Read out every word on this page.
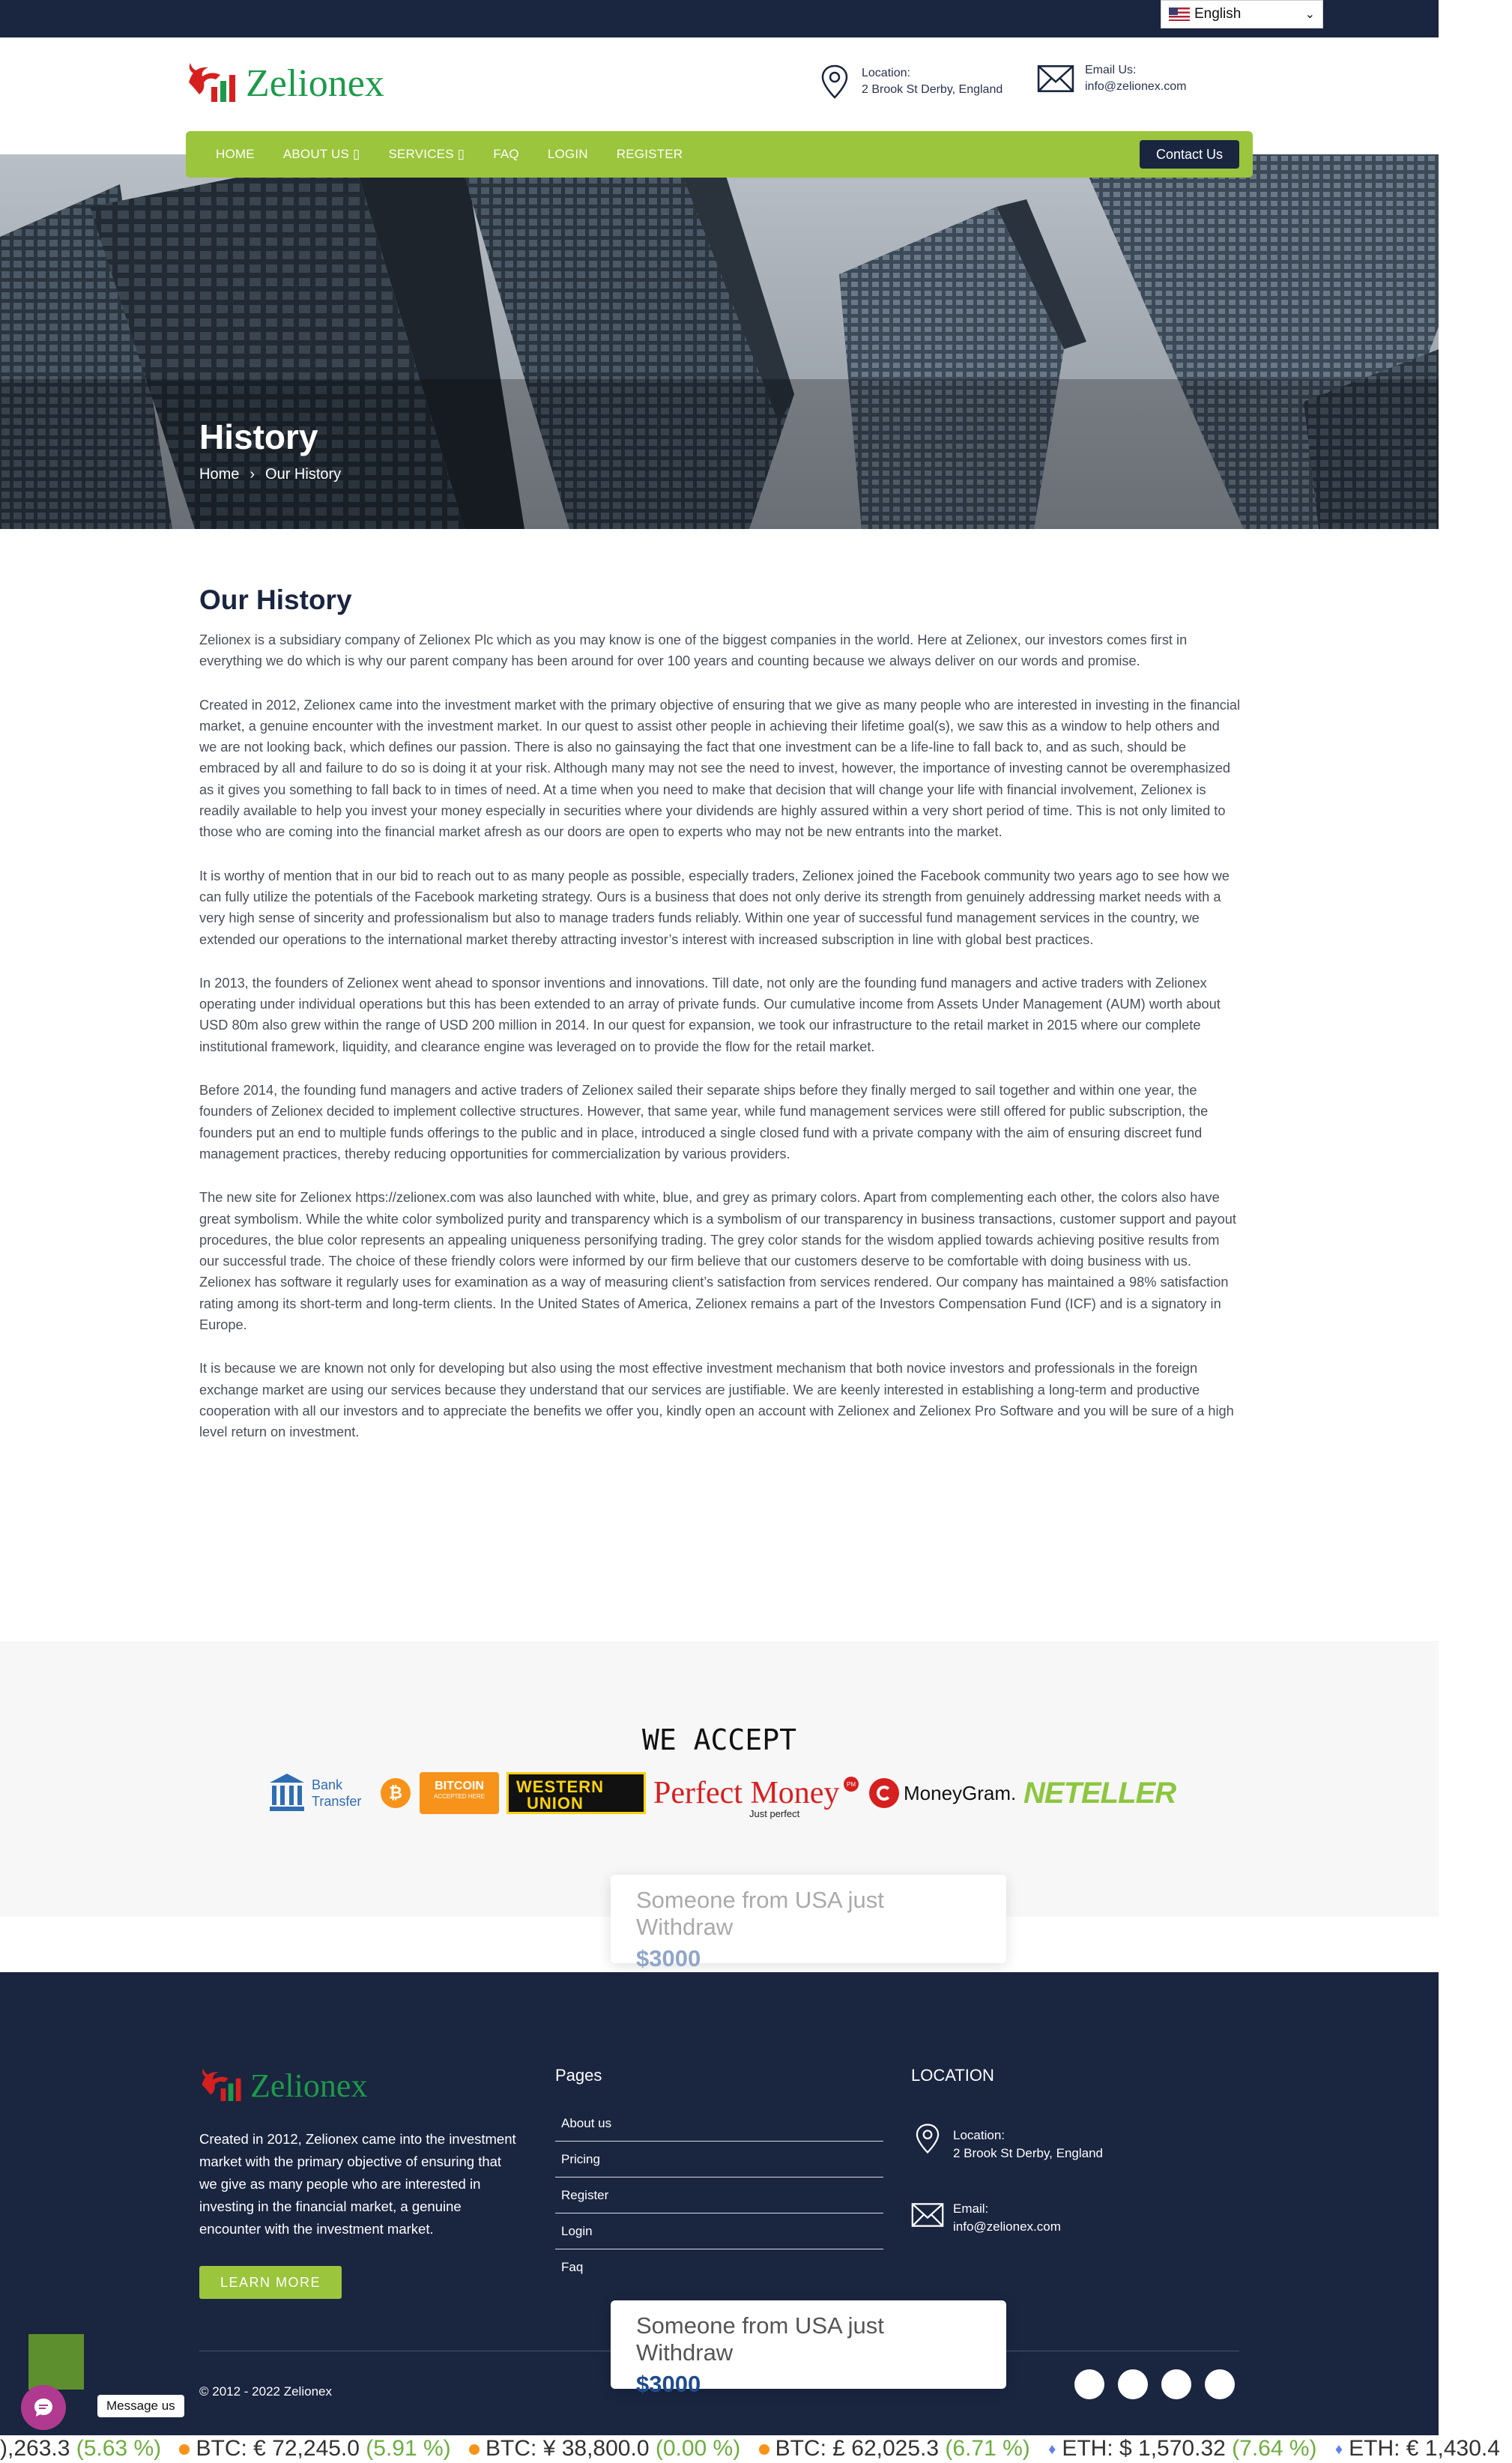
English	⌄
Zelionex	Location:
2 Brook St Derby, England
Email Us:
info@zelionex.com
HOME ABOUT US ▯ SERVICES ▯ FAQ LOGIN REGISTER	Contact Us
History
Home › Our History
Our History

Zelionex is a subsidiary company of Zelionex Plc which as you may know is one of the biggest companies in the world. Here at Zelionex, our investors comes first in everything we do which is why our parent company has been around for over 100 years and counting because we always deliver on our words and promise.

Created in 2012, Zelionex came into the investment market with the primary objective of ensuring that we give as many people who are interested in investing in the financial market, a genuine encounter with the investment market. In our quest to assist other people in achieving their lifetime goal(s), we saw this as a window to help others and we are not looking back, which defines our passion. There is also no gainsaying the fact that one investment can be a life-line to fall back to, and as such, should be embraced by all and failure to do so is doing it at your risk. Although many may not see the need to invest, however, the importance of investing cannot be overemphasized as it gives you something to fall back to in times of need. At a time when you need to make that decision that will change your life with financial involvement, Zelionex is readily available to help you invest your money especially in securities where your dividends are highly assured within a very short period of time. This is not only limited to those who are coming into the financial market afresh as our doors are open to experts who may not be new entrants into the market.

It is worthy of mention that in our bid to reach out to as many people as possible, especially traders, Zelionex joined the Facebook community two years ago to see how we can fully utilize the potentials of the Facebook marketing strategy. Ours is a business that does not only derive its strength from genuinely addressing market needs with a very high sense of sincerity and professionalism but also to manage traders funds reliably. Within one year of successful fund management services in the country, we extended our operations to the international market thereby attracting investor’s interest with increased subscription in line with global best practices.

In 2013, the founders of Zelionex went ahead to sponsor inventions and innovations. Till date, not only are the founding fund managers and active traders with Zelionex operating under individual operations but this has been extended to an array of private funds. Our cumulative income from Assets Under Management (AUM) worth about USD 80m also grew within the range of USD 200 million in 2014. In our quest for expansion, we took our infrastructure to the retail market in 2015 where our complete institutional framework, liquidity, and clearance engine was leveraged on to provide the flow for the retail market.

Before 2014, the founding fund managers and active traders of Zelionex sailed their separate ships before they finally merged to sail together and within one year, the founders of Zelionex decided to implement collective structures. However, that same year, while fund management services were still offered for public subscription, the founders put an end to multiple funds offerings to the public and in place, introduced a single closed fund with a private company with the aim of ensuring discreet fund management practices, thereby reducing opportunities for commercialization by various providers.

The new site for Zelionex https://zelionex.com was also launched with white, blue, and grey as primary colors. Apart from complementing each other, the colors also have great symbolism. While the white color symbolized purity and transparency which is a symbolism of our transparency in business transactions, customer support and payout procedures, the blue color represents an appealing uniqueness personifying trading. The grey color stands for the wisdom applied towards achieving positive results from our successful trade. The choice of these friendly colors were informed by our firm believe that our customers deserve to be comfortable with doing business with us. Zelionex has software it regularly uses for examination as a way of measuring client’s satisfaction from services rendered. Our company has maintained a 98% satisfaction rating among its short-term and long-term clients. In the United States of America, Zelionex remains a part of the Investors Compensation Fund (ICF) and is a signatory in Europe.

It is because we are known not only for developing but also using the most effective investment mechanism that both novice investors and professionals in the foreign exchange market are using our services because they understand that our services are justifiable. We are keenly interested in establishing a long-term and productive cooperation with all our investors and to appreciate the benefits we offer you, kindly open an account with Zelionex and Zelionex Pro Software and you will be sure of a high level return on investment.

WE ACCEPT
Bank
Transfer	₿	BITCOIN
ACCEPTED HERE
WESTERN
UNION	Perfect Money
Just perfect
PM MoneyGram. NETELLER
Someone from USA just Withdraw
$3000
Zelionex
Created in 2012, Zelionex came into the investment market with the primary objective of ensuring that we give as many people who are interested in investing in the financial market, a genuine encounter with the investment market.
LEARN MORE
Pages
About us
Pricing
Register
Login
Faq
LOCATION
Location:
2 Brook St Derby, England
Email:
info@zelionex.com
© 2012 - 2022 Zelionex
Someone from USA just Withdraw
$3000
Message us
),263.3 (5.63 %) BTC: € 72,245.0 (5.91 %) BTC: ¥ 38,800.0 (0.00 %) BTC: £ 62,025.3 (6.71 %) ♦ ETH: $ 1,570.32 (7.64 %) ♦ ETH: € 1,430.4
